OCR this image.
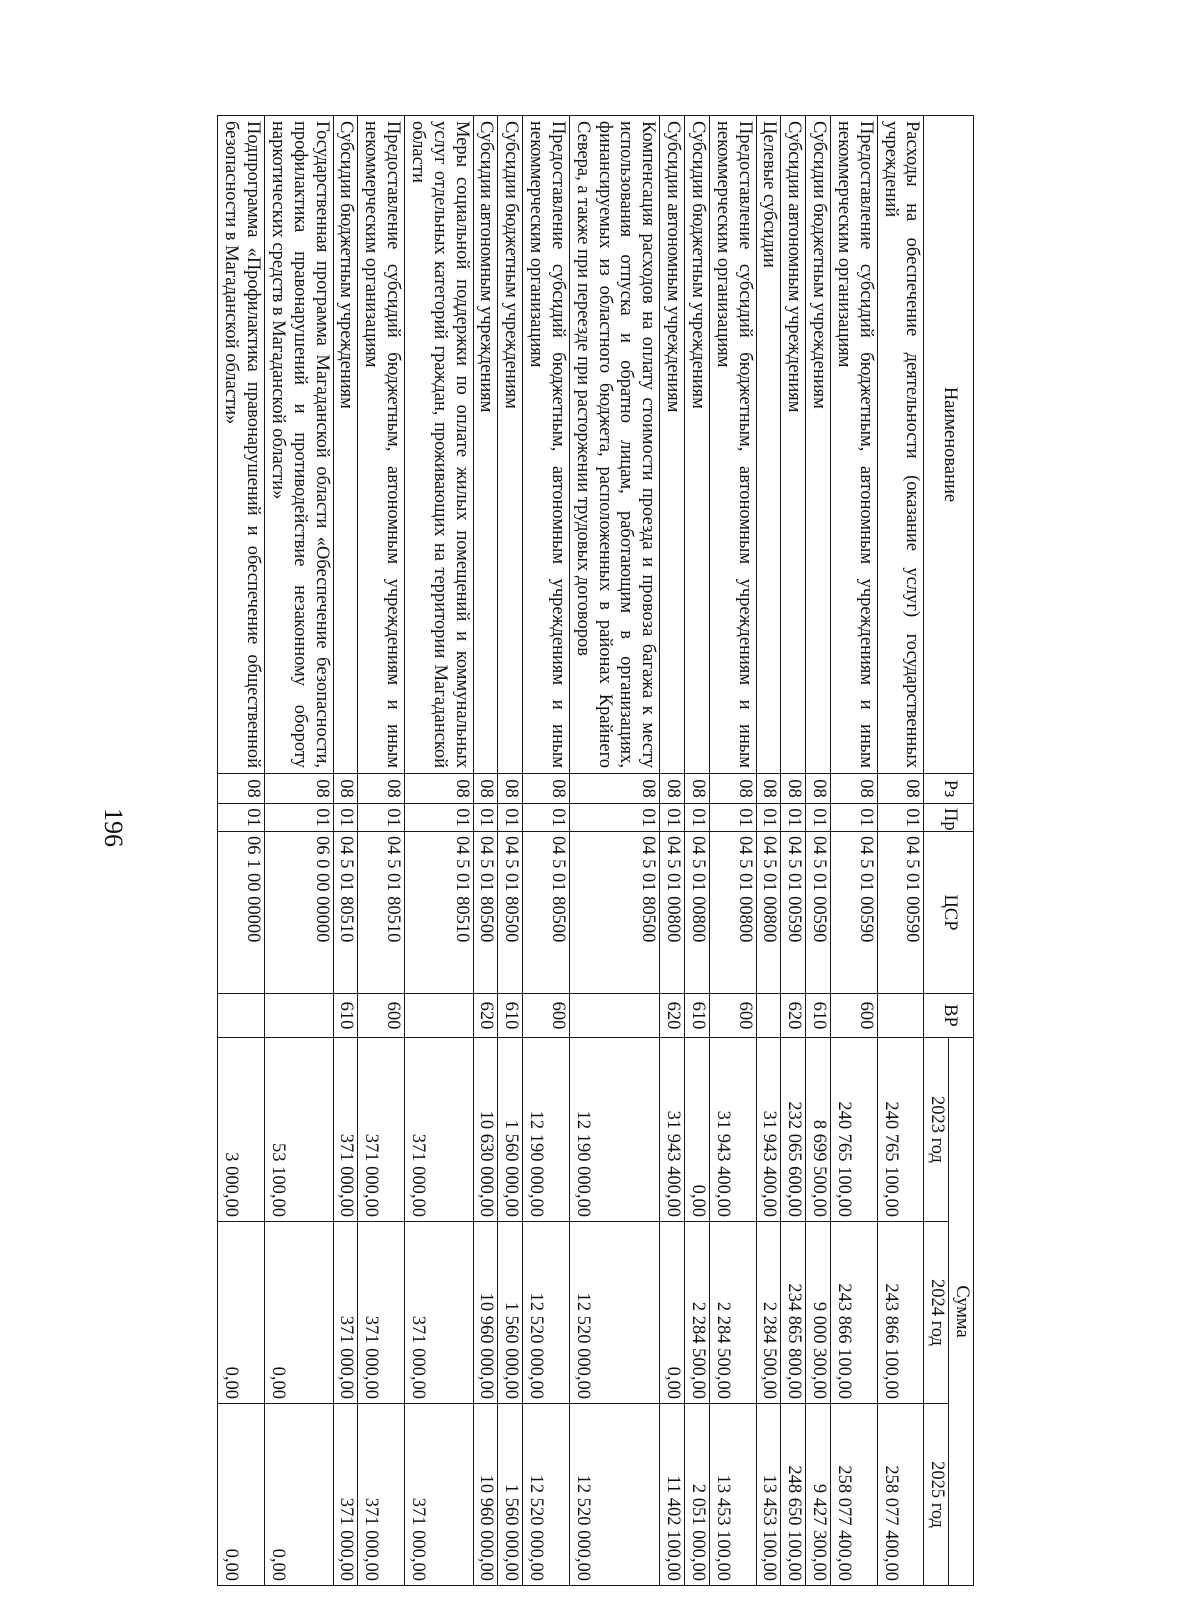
196
Наименование	Рз	Пр	ЦСР	ВР	Сумма		
					2023 год	2024 год	2025 год
Расходы на обеспечение деятельности (оказание услуг) государственных учреждений	08	01	04 5 01 00590		240 765 100,00	243 866 100,00	258 077 400,00
Предоставление субсидий бюджетным, автономным учреждениям и иным некоммерческим организациям	08	01	04 5 01 00590	600	240 765 100,00	243 866 100,00	258 077 400,00
Субсидии бюджетным учреждениям	08	01	04 5 01 00590	610	8 699 500,00	9 000 300,00	9 427 300,00
Субсидии автономным учреждениям	08	01	04 5 01 00590	620	232 065 600,00	234 865 800,00	248 650 100,00
Целевые субсидии	08	01	04 5 01 00800		31 943 400,00	2 284 500,00	13 453 100,00
Предоставление субсидий бюджетным, автономным учреждениям и иным некоммерческим организациям	08	01	04 5 01 00800	600	31 943 400,00	2 284 500,00	13 453 100,00
Субсидии бюджетным учреждениям	08	01	04 5 01 00800	610	0,00	2 284 500,00	2 051 000,00
Субсидии автономным учреждениям	08	01	04 5 01 00800	620	31 943 400,00	0,00	11 402 100,00
Компенсация расходов на оплату стоимости проезда и провоза багажа к месту использования отпуска и обратно лицам, работающим в организациях, финансируемых из областного бюджета, расположенных в районах Крайнего Севера, а также при переезде при расторжении трудовых договоров	08	01	04 5 01 80500		12 190 000,00	12 520 000,00	12 520 000,00
Предоставление субсидий бюджетным, автономным учреждениям и иным некоммерческим организациям	08	01	04 5 01 80500	600	12 190 000,00	12 520 000,00	12 520 000,00
Субсидии бюджетным учреждениям	08	01	04 5 01 80500	610	1 560 000,00	1 560 000,00	1 560 000,00
Субсидии автономным учреждениям	08	01	04 5 01 80500	620	10 630 000,00	10 960 000,00	10 960 000,00
Меры социальной поддержки по оплате жилых помещений и коммунальных услуг отдельных категорий граждан, проживающих на территории Магаданской области	08	01	04 5 01 80510		371 000,00	371 000,00	371 000,00
Предоставление субсидий бюджетным, автономным учреждениям и иным некоммерческим организациям	08	01	04 5 01 80510	600	371 000,00	371 000,00	371 000,00
Субсидии бюджетным учреждениям	08	01	04 5 01 80510	610	371 000,00	371 000,00	371 000,00
Государственная программа Магаданской области «Обеспечение безопасности, профилактика правонарушений и противодействие незаконному обороту наркотических средств в Магаданской области»	08	01	06 0 00 00000		53 100,00	0,00	0,00
Подпрограмма «Профилактика правонарушений и обеспечение общественной безопасности в Магаданской области»	08	01	06 1 00 00000		3 000,00	0,00	0,00
